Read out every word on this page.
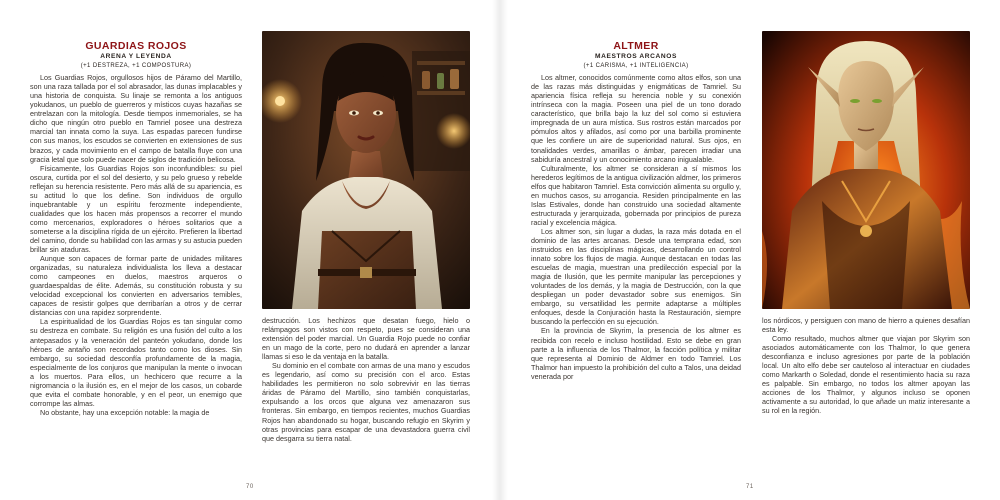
GUARDIAS ROJOS
ARENA Y LEYENDA
(+1 DESTREZA, +1 COMPOSTURA)

Los Guardias Rojos, orgullosos hijos de Páramo del Martillo, son una raza tallada por el sol abrasador, las dunas implacables y una historia de conquista. Su linaje se remonta a los antiguos yokudanos, un pueblo de guerreros y místicos cuyas hazañas se entrelazan con la mitología. Desde tiempos inmemoriales, se ha dicho que ningún otro pueblo en Tamriel posee una destreza marcial tan innata como la suya. Las espadas parecen fundirse con sus manos, los escudos se convierten en extensiones de sus brazos, y cada movimiento en el campo de batalla fluye con una gracia letal que solo puede nacer de siglos de tradición belicosa.

Físicamente, los Guardias Rojos son inconfundibles: su piel oscura, curtida por el sol del desierto, y su pelo grueso y rebelde reflejan su herencia resistente. Pero más allá de su apariencia, es su actitud lo que los define. Son individuos de orgullo inquebrantable y un espíritu ferozmente independiente, cualidades que los hacen más propensos a recorrer el mundo como mercenarios, exploradores o héroes solitarios que a someterse a la disciplina rígida de un ejército. Prefieren la libertad del camino, donde su habilidad con las armas y su astucia pueden brillar sin ataduras.

Aunque son capaces de formar parte de unidades militares organizadas, su naturaleza individualista los lleva a destacar como campeones en duelos, maestros arqueros o guardaespaldas de élite. Además, su constitución robusta y su velocidad excepcional los convierten en adversarios temibles, capaces de resistir golpes que derribarían a otros y de cerrar distancias con una rapidez sorprendente.

La espiritualidad de los Guardias Rojos es tan singular como su destreza en combate. Su religión es una fusión del culto a los antepasados y la veneración del panteón yokudano, donde los héroes de antaño son recordados tanto como los dioses. Sin embargo, su sociedad desconfía profundamente de la magia, especialmente de los conjuros que manipulan la mente o invocan a los muertos. Para ellos, un hechicero que recurre a la nigromancia o la ilusión es, en el mejor de los casos, un cobarde que evita el combate honorable, y en el peor, un enemigo que corrompe las almas.

No obstante, hay una excepción notable: la magia de

destrucción. Los hechizos que desatan fuego, hielo o relámpagos son vistos con respeto, pues se consideran una extensión del poder marcial. Un Guardia Rojo puede no confiar en un mago de la corte, pero no dudará en aprender a lanzar llamas si eso le da ventaja en la batalla.

Su dominio en el combate con armas de una mano y escudos es legendario, así como su precisión con el arco. Estas habilidades les permitieron no solo sobrevivir en las tierras áridas de Páramo del Martillo, sino también conquistarlas, expulsando a los orcos que alguna vez amenazaron sus fronteras. Sin embargo, en tiempos recientes, muchos Guardias Rojos han abandonado su hogar, buscando refugio en Skyrim y otras provincias para escapar de una devastadora guerra civil que desgarra su tierra natal.

70
ALTMER
MAESTROS ARCANOS
(+1 CARISMA, +1 INTELIGENCIA)

Los altmer, conocidos comúnmente como altos elfos, son una de las razas más distinguidas y enigmáticas de Tamriel. Su apariencia física refleja su herencia noble y su conexión intrínseca con la magia. Poseen una piel de un tono dorado característico, que brilla bajo la luz del sol como si estuviera impregnada de un aura mística. Sus rostros están marcados por pómulos altos y afilados, así como por una barbilla prominente que les confiere un aire de superioridad natural. Sus ojos, en tonalidades verdes, amarillas o ámbar, parecen irradiar una sabiduría ancestral y un conocimiento arcano inigualable.

Culturalmente, los altmer se consideran a sí mismos los herederos legítimos de la antigua civilización aldmer, los primeros elfos que habitaron Tamriel. Esta convicción alimenta su orgullo y, en muchos casos, su arrogancia. Residen principalmente en las Islas Estivales, donde han construido una sociedad altamente estructurada y jerarquizada, gobernada por principios de pureza racial y excelencia mágica.

Los altmer son, sin lugar a dudas, la raza más dotada en el dominio de las artes arcanas. Desde una temprana edad, son instruidos en las disciplinas mágicas, desarrollando un control innato sobre los flujos de magia. Aunque destacan en todas las escuelas de magia, muestran una predilección especial por la magia de Ilusión, que les permite manipular las percepciones y voluntades de los demás, y la magia de Destrucción, con la que despliegan un poder devastador sobre sus enemigos. Sin embargo, su versatilidad les permite adaptarse a múltiples enfoques, desde la Conjuración hasta la Restauración, siempre buscando la perfección en su ejecución.

En la provincia de Skyrim, la presencia de los altmer es recibida con recelo e incluso hostilidad. Esto se debe en gran parte a la influencia de los Thalmor, la facción política y militar que representa al Dominio de Aldmer en todo Tamriel. Los Thalmor han impuesto la prohibición del culto a Talos, una deidad venerada por

los nórdicos, y persiguen con mano de hierro a quienes desafían esta ley.

Como resultado, muchos altmer que viajan por Skyrim son asociados automáticamente con los Thalmor, lo que genera desconfianza e incluso agresiones por parte de la población local. Un alto elfo debe ser cauteloso al interactuar en ciudades como Markarth o Soledad, donde el resentimiento hacia su raza es palpable. Sin embargo, no todos los altmer apoyan las acciones de los Thalmor, y algunos incluso se oponen activamente a su autoridad, lo que añade un matiz interesante a su rol en la región.

71
